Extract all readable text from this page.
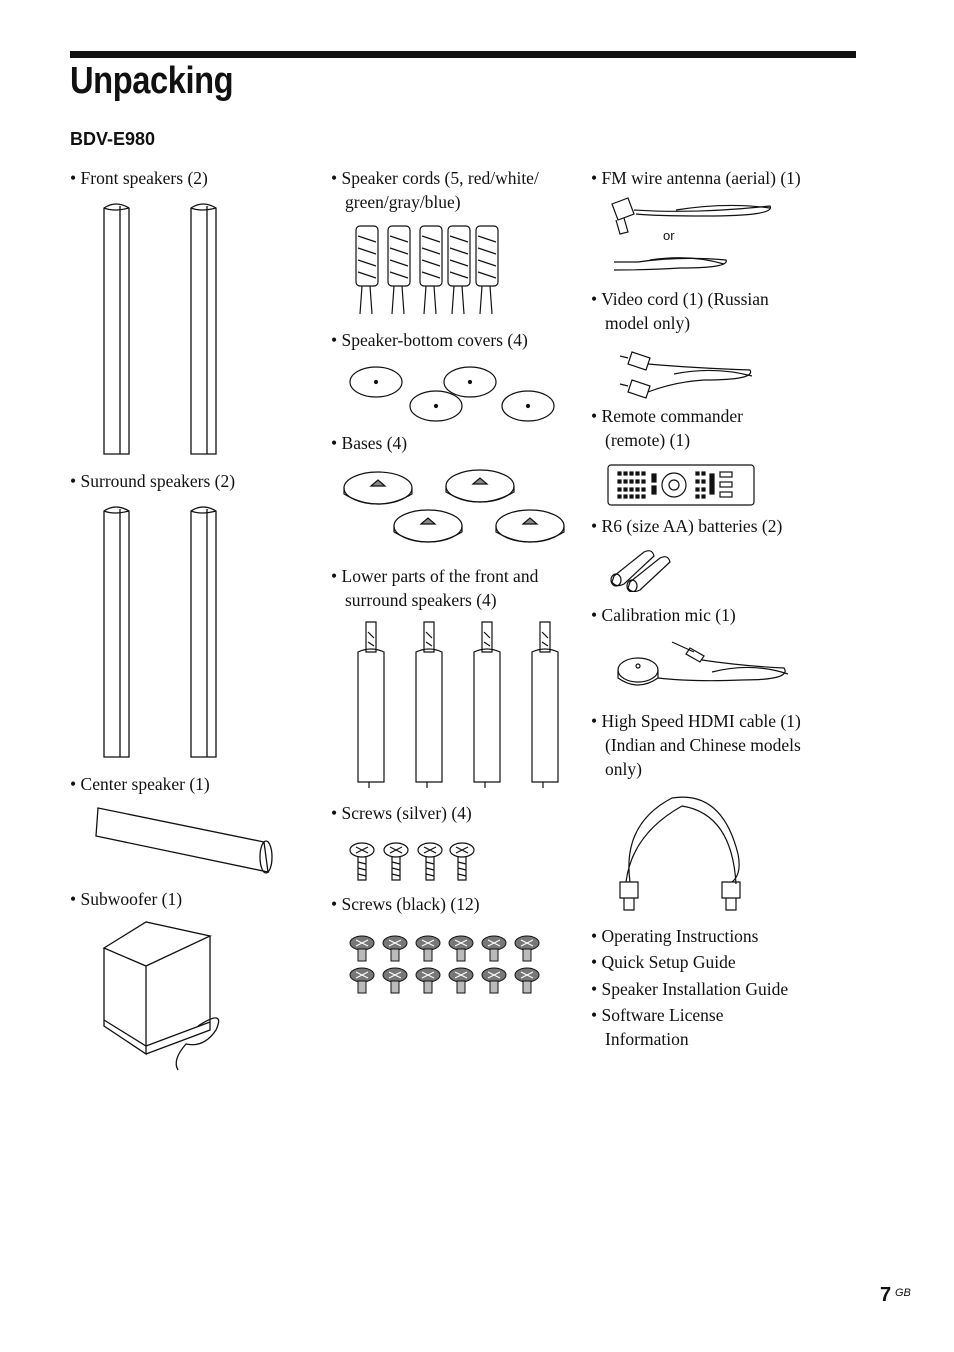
Unpacking
BDV-E980
• Front speakers (2)
• Surround speakers (2)
• Center speaker (1)
• Subwoofer (1)
• Speaker cords (5, red/white/
green/gray/blue)
• Speaker-bottom covers (4)
• Bases (4)
• Lower parts of the front and
surround speakers (4)
• Screws (silver) (4)
• Screws (black) (12)
• FM wire antenna (aerial) (1)
or
• Video cord (1) (Russian
model only)
• Remote commander
(remote) (1)
• R6 (size AA) batteries (2)
• Calibration mic (1)
• High Speed HDMI cable (1)
(Indian and Chinese models
only)
• Operating Instructions
• Quick Setup Guide
• Speaker Installation Guide
• Software License
Information
7 GB
